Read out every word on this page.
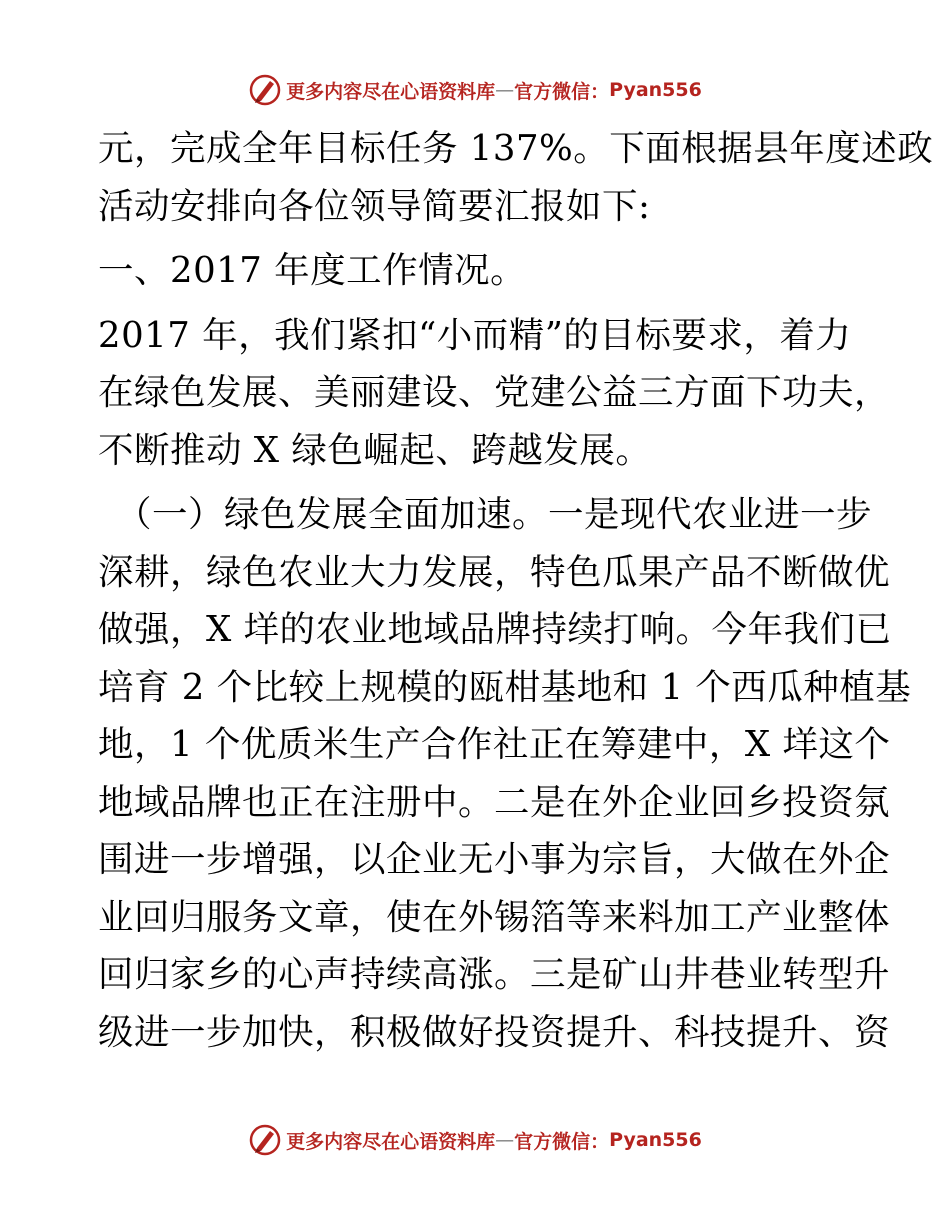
更多内容尽在心语资料库 — 官方微信： Pyan556
元，完成全年目标任务 137%。下面根据县年度述政
活动安排向各位领导简要汇报如下:
一、2017 年度工作情况。
2017 年，我们紧扣“小而精”的目标要求，着力
在绿色发展、美丽建设、党建公益三方面下功夫，
不断推动 X 绿色崛起、跨越发展。
（一）绿色发展全面加速。一是现代农业进一步
深耕，绿色农业大力发展，特色瓜果产品不断做优
做强，X 垟的农业地域品牌持续打响。今年我们已
培育 2 个比较上规模的瓯柑基地和 1 个西瓜种植基
地，1 个优质米生产合作社正在筹建中，X 垟这个
地域品牌也正在注册中。二是在外企业回乡投资氛
围进一步增强，以企业无小事为宗旨，大做在外企
业回归服务文章，使在外锡箔等来料加工产业整体
回归家乡的心声持续高涨。三是矿山井巷业转型升
级进一步加快，积极做好投资提升、科技提升、资
更多内容尽在心语资料库 — 官方微信： Pyan556
